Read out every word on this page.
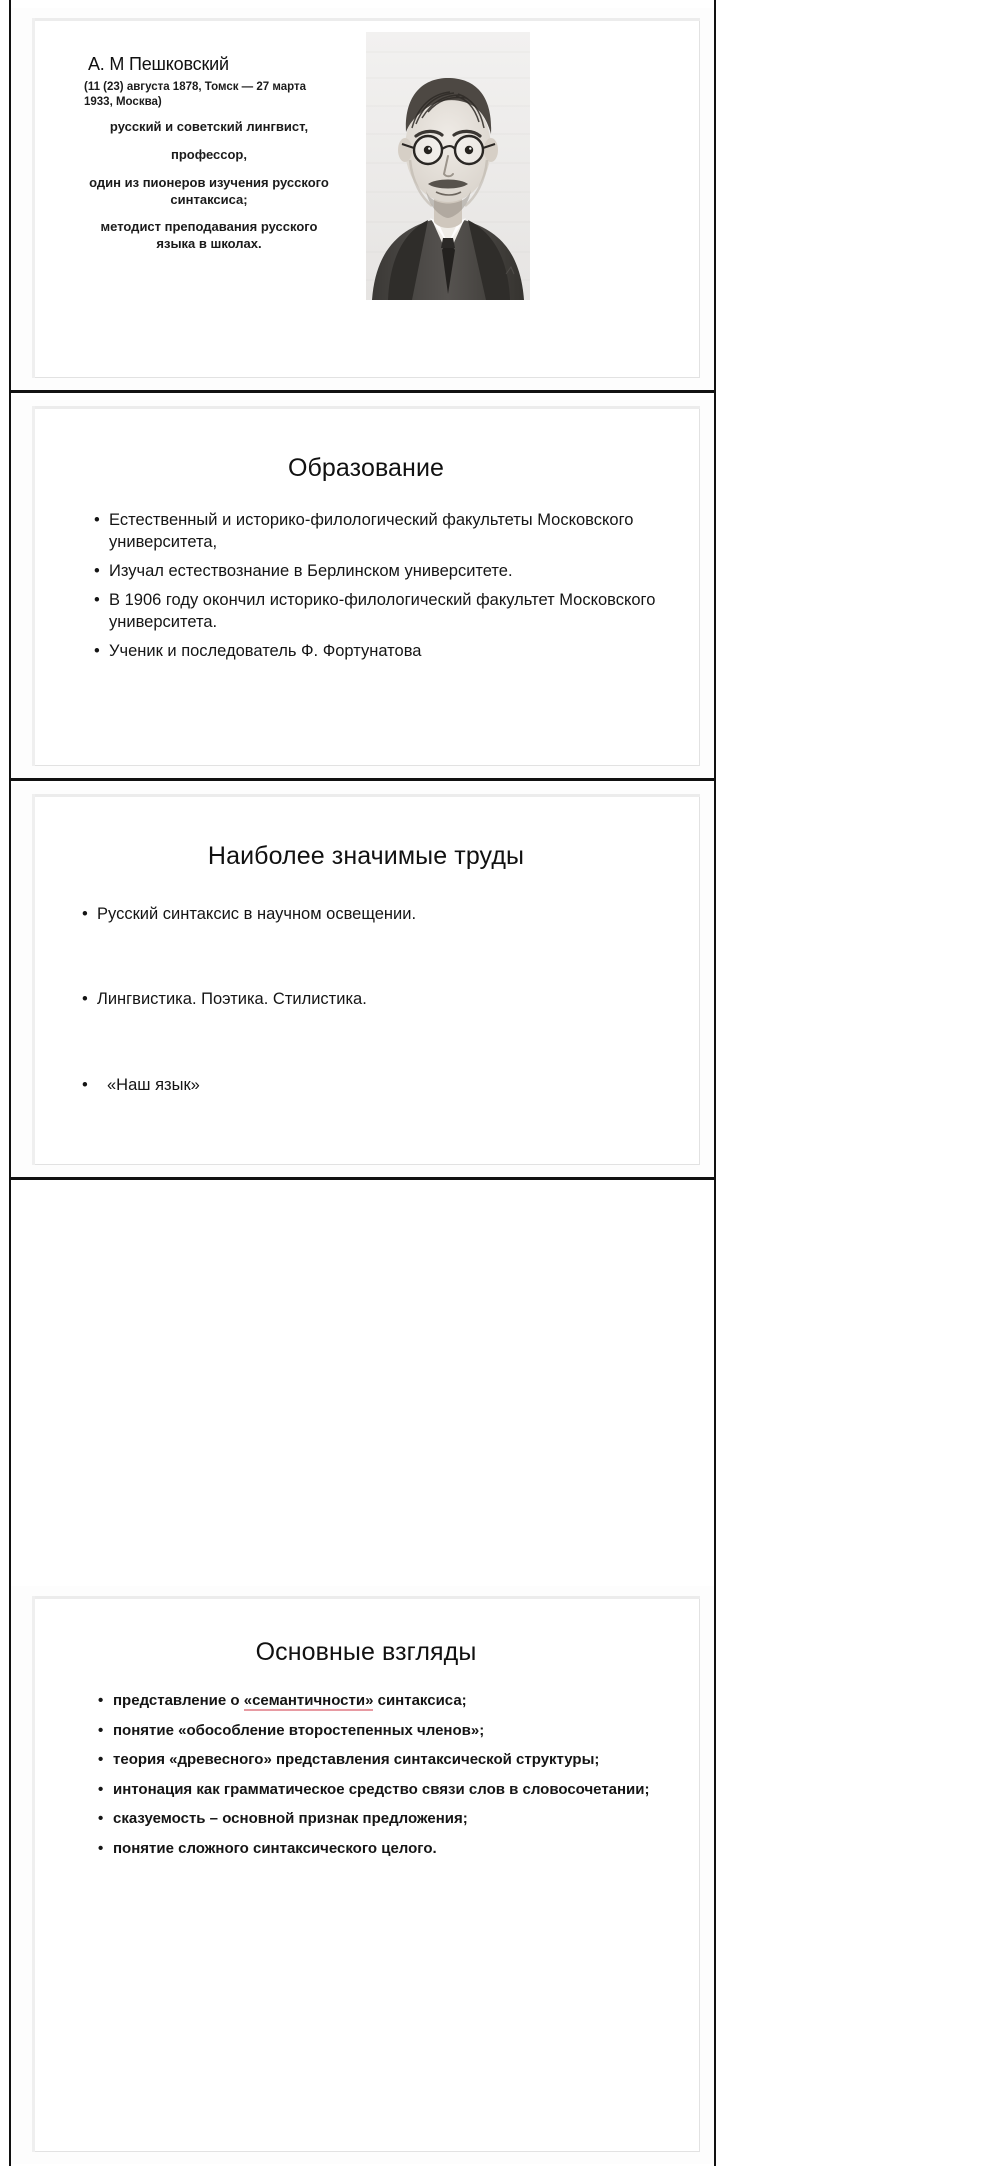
А. М Пешковский
(11 (23) августа 1878, Томск — 27 марта 1933, Москва)
русский и советский лингвист,
профессор,
один из пионеров изучения русского синтаксиса;
методист преподавания русского языка в школах.
Образование
• Естественный и историко-филологический факультеты Московского университета,
• Изучал естествознание в Берлинском университете.
• В 1906 году окончил историко-филологический факультет Московского университета.
• Ученик и последователь Ф. Фортунатова
Наиболее значимые труды
• Русский синтаксис в научном освещении.
• Лингвистика. Поэтика. Стилистика.
• «Наш язык»
Основные взгляды
• представление о «семантичности» синтаксиса;
• понятие «обособление второстепенных членов»;
• теория «древесного» представления синтаксической структуры;
• интонация как грамматическое средство связи слов в словосочетании;
• сказуемость – основной признак предложения;
• понятие сложного синтаксического целого.
